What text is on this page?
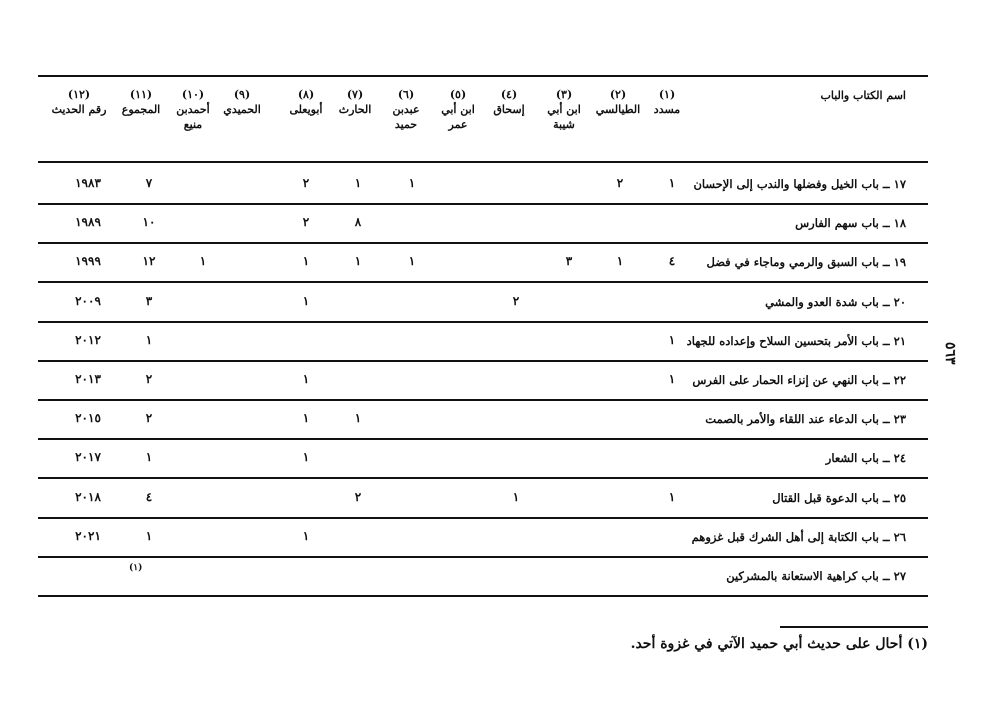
٥٦٣
اسم الكتاب والباب
(١)
مسدد
(٢)
الطيالسي
(٣)
ابن أبي شيبة
(٤)
إسحاق
(٥)
ابن أبي عمر
(٦)
عبدبن حميد
(٧)
الحارث
(٨)
أبويعلى
(٩)
الحميدي
(١٠)
أحمدبن منيع
(١١)
المجموع
(١٢)
رقم الحديث
١٧ ــ باب الخيل وفضلها والندب إلى الإحسان
١
٢
١
١
٢
٧
١٩٨٣
١٨ ــ باب سهم الفارس
٨
٢
١٠
١٩٨٩
١٩ ــ باب السبق والرمي وماجاء في فضل
٤
١
٣
١
١
١
١
١٢
١٩٩٩
٢٠ ــ باب شدة العدو والمشي
٢
١
٣
٢٠٠٩
٢١ ــ باب الأمر بتحسين السلاح وإعداده للجهاد
١
١
٢٠١٢
٢٢ ــ باب النهي عن إنزاء الحمار على الفرس
١
١
٢
٢٠١٣
٢٣ ــ باب الدعاء عند اللقاء والأمر بالصمت
١
١
٢
٢٠١٥
٢٤ ــ باب الشعار
١
١
٢٠١٧
٢٥ ــ باب الدعوة قبل القتال
١
١
٢
٤
٢٠١٨
٢٦ ــ باب الكتابة إلى أهل الشرك قبل غزوهم
١
١
٢٠٢١
٢٧ ــ باب كراهية الاستعانة بالمشركين
(١)
(١) أحال على حديث أبي حميد الآتي في غزوة أحد.
